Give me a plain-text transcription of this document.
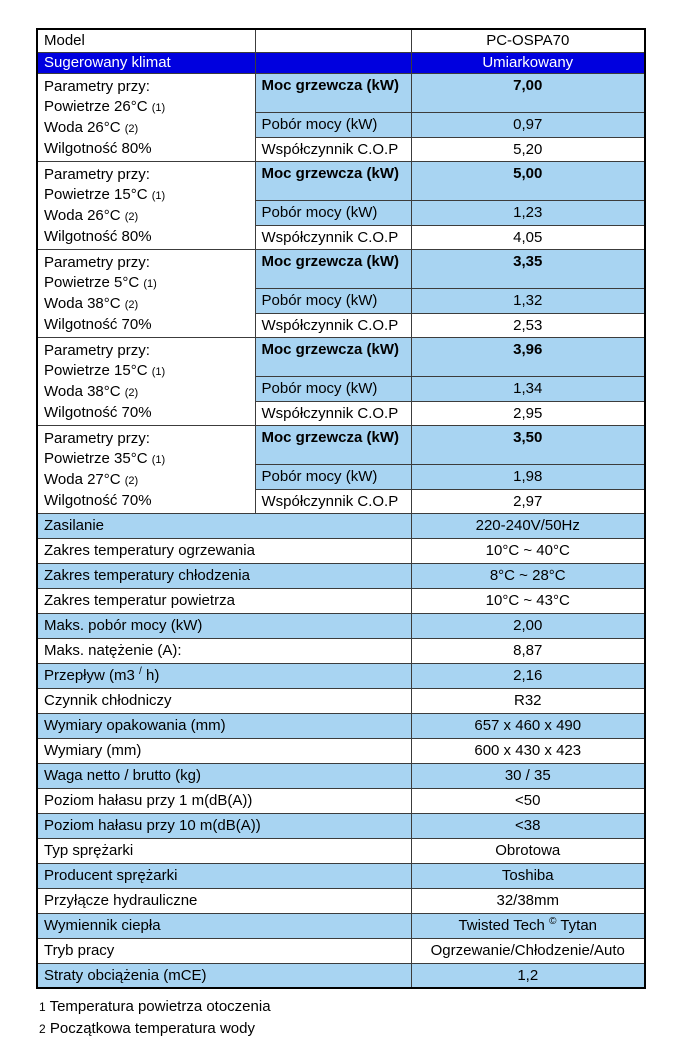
Model		PC-OSPA70
Sugerowany klimat		Umiarkowany

Parametry przy:
Powietrze 26°C (1)
Woda 26°C (2)
Wilgotność 80%	Moc grzewcza (kW)	7,00
	Pobór mocy (kW)	0,97
	Współczynnik C.O.P	5,20

Parametry przy:
Powietrze 15°C (1)
Woda 26°C (2)
Wilgotność 80%	Moc grzewcza (kW)	5,00
	Pobór mocy (kW)	1,23
	Współczynnik C.O.P	4,05

Parametry przy:
Powietrze 5°C (1)
Woda 38°C (2)
Wilgotność 70%	Moc grzewcza (kW)	3,35
	Pobór mocy (kW)	1,32
	Współczynnik C.O.P	2,53

Parametry przy:
Powietrze 15°C (1)
Woda 38°C (2)
Wilgotność 70%	Moc grzewcza (kW)	3,96
	Pobór mocy (kW)	1,34
	Współczynnik C.O.P	2,95

Parametry przy:
Powietrze 35°C (1)
Woda 27°C (2)
Wilgotność 70%	Moc grzewcza (kW)	3,50
	Pobór mocy (kW)	1,98
	Współczynnik C.O.P	2,97
Zasilanie		220-240V/50Hz
Zakres temperatury ogrzewania		10°C ~ 40°C
Zakres temperatury chłodzenia		8°C ~ 28°C
Zakres temperatur powietrza		10°C ~ 43°C
Maks. pobór mocy (kW)		2,00
Maks. natężenie (A):		8,87
Przepływ (m3 / h)		2,16
Czynnik chłodniczy		R32
Wymiary opakowania (mm)		657 x 460 x 490
Wymiary (mm)		600 x 430 x 423
Waga netto / brutto (kg)		30 / 35
Poziom hałasu przy 1 m(dB(A))		<50
Poziom hałasu przy 10 m(dB(A))		<38
Typ sprężarki		Obrotowa
Producent sprężarki		Toshiba
Przyłącze hydrauliczne		32/38mm
Wymiennik ciepła		Twisted Tech © Tytan
Tryb pracy		Ogrzewanie/Chłodzenie/Auto
Straty obciążenia (mCE)		1,2
1 Temperatura powietrza otoczenia
2 Początkowa temperatura wody
